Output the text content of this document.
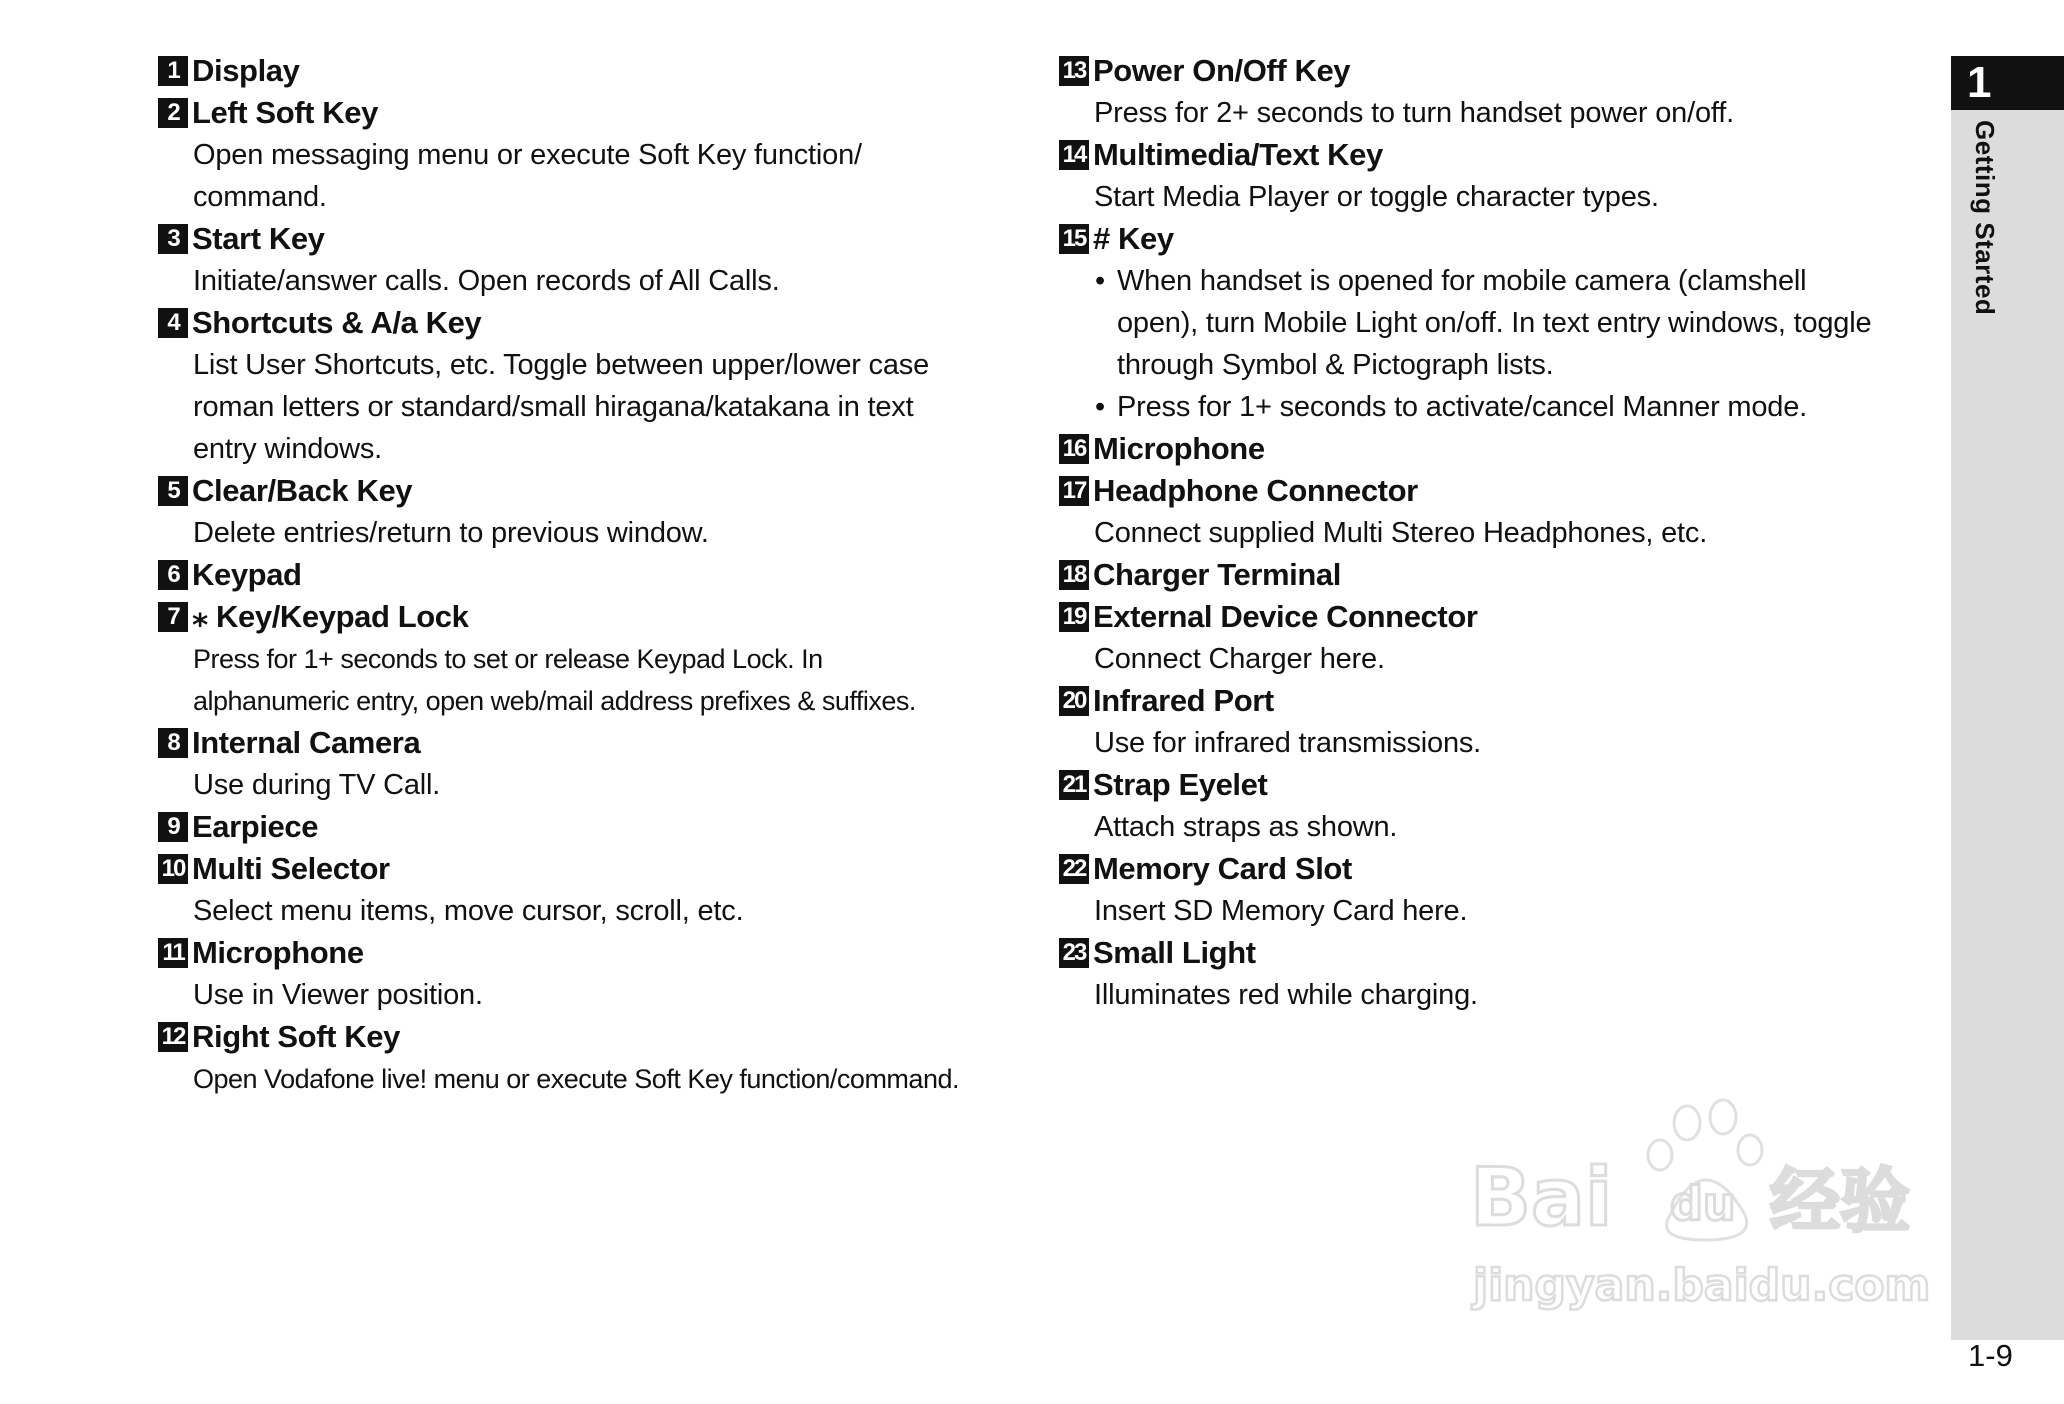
1 Display
2 Left Soft Key
Open messaging menu or execute Soft Key function/
command.
3 Start Key
Initiate/answer calls. Open records of All Calls.
4 Shortcuts & A/a Key
List User Shortcuts, etc. Toggle between upper/lower case
roman letters or standard/small hiragana/katakana in text
entry windows.
5 Clear/Back Key
Delete entries/return to previous window.
6 Keypad
7 ⁎ Key/Keypad Lock
Press for 1+ seconds to set or release Keypad Lock. In
alphanumeric entry, open web/mail address prefixes & suffixes.
8 Internal Camera
Use during TV Call.
9 Earpiece
10 Multi Selector
Select menu items, move cursor, scroll, etc.
11 Microphone
Use in Viewer position.
12 Right Soft Key
Open Vodafone live! menu or execute Soft Key function/command.
13 Power On/Off Key
Press for 2+ seconds to turn handset power on/off.
14 Multimedia/Text Key
Start Media Player or toggle character types.
15 # Key
• When handset is opened for mobile camera (clamshell
open), turn Mobile Light on/off. In text entry windows, toggle
through Symbol & Pictograph lists.
• Press for 1+ seconds to activate/cancel Manner mode.
16 Microphone
17 Headphone Connector
Connect supplied Multi Stereo Headphones, etc.
18 Charger Terminal
19 External Device Connector
Connect Charger here.
20 Infrared Port
Use for infrared transmissions.
21 Strap Eyelet
Attach straps as shown.
22 Memory Card Slot
Insert SD Memory Card here.
23 Small Light
Illuminates red while charging.
1
Getting Started
1-9
Bai du 经验
jingyan.baidu.com
